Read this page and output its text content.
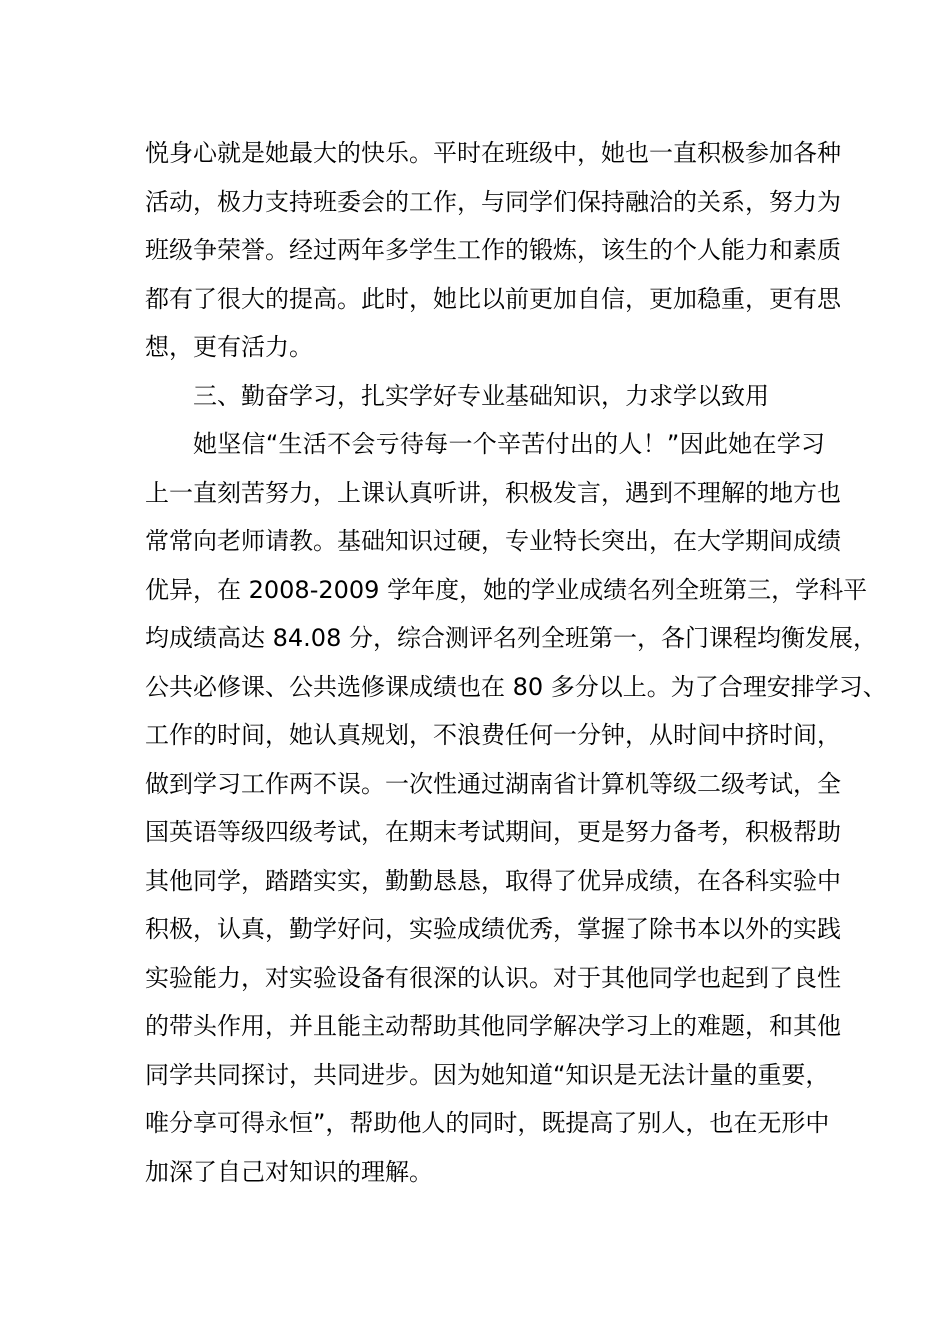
悦身心就是她最大的快乐。平时在班级中，她也一直积极参加各种
活动，极力支持班委会的工作，与同学们保持融洽的关系，努力为
班级争荣誉。经过两年多学生工作的锻炼，该生的个人能力和素质
都有了很大的提高。此时，她比以前更加自信，更加稳重，更有思
想，更有活力。
三、勤奋学习，扎实学好专业基础知识，力求学以致用
她坚信“生活不会亏待每一个辛苦付出的人！”因此她在学习
上一直刻苦努力，上课认真听讲，积极发言，遇到不理解的地方也
常常向老师请教。基础知识过硬，专业特长突出，在大学期间成绩
优异，在 2008-2009 学年度，她的学业成绩名列全班第三，学科平
均成绩高达 84.08 分，综合测评名列全班第一，各门课程均衡发展，
公共必修课、公共选修课成绩也在 80 多分以上。为了合理安排学习、
工作的时间，她认真规划，不浪费任何一分钟，从时间中挤时间，
做到学习工作两不误。一次性通过湖南省计算机等级二级考试，全
国英语等级四级考试，在期末考试期间，更是努力备考，积极帮助
其他同学，踏踏实实，勤勤恳恳，取得了优异成绩，在各科实验中
积极，认真，勤学好问，实验成绩优秀，掌握了除书本以外的实践
实验能力，对实验设备有很深的认识。对于其他同学也起到了良性
的带头作用，并且能主动帮助其他同学解决学习上的难题，和其他
同学共同探讨，共同进步。因为她知道“知识是无法计量的重要，
唯分享可得永恒”，帮助他人的同时，既提高了别人，也在无形中
加深了自己对知识的理解。
